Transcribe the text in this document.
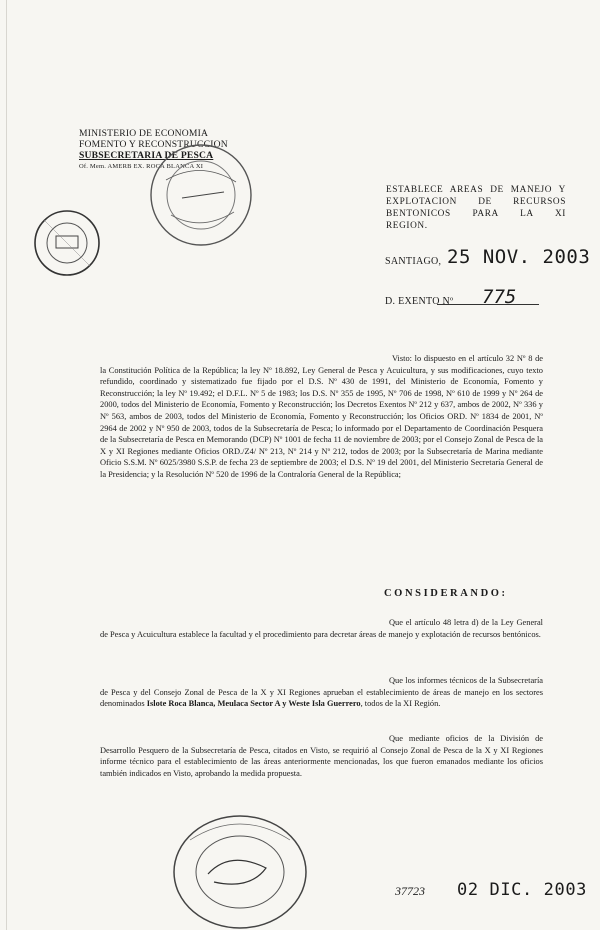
MINISTERIO DE ECONOMIA
FOMENTO Y RECONSTRUCCION
SUBSECRETARIA DE PESCA
Of. Mem. AMERB EX. ROCA BLANCA XI
ESTABLECE AREAS DE MANEJO Y
EXPLOTACION DE RECURSOS
BENTONICOS PARA LA XI
REGION.
SANTIAGO, 25 NOV. 2003
D. EXENTO Nº 775
Visto: lo dispuesto en el artículo 32 Nº 8 de la Constitución Política de la República; la ley Nº 18.892, Ley General de Pesca y Acuicultura, y sus modificaciones, cuyo texto refundido, coordinado y sistematizado fue fijado por el D.S. Nº 430 de 1991, del Ministerio de Economía, Fomento y Reconstrucción; la ley Nº 19.492; el D.F.L. Nº 5 de 1983; los D.S. Nº 355 de 1995, Nº 706 de 1998, Nº 610 de 1999 y Nº 264 de 2000, todos del Ministerio de Economía, Fomento y Reconstrucción; los Decretos Exentos Nº 212 y 637, ambos de 2002, Nº 336 y Nº 563, ambos de 2003, todos del Ministerio de Economía, Fomento y Reconstrucción; los Oficios ORD. Nº 1834 de 2001, Nº 2964 de 2002 y Nº 950 de 2003, todos de la Subsecretaría de Pesca; lo informado por el Departamento de Coordinación Pesquera de la Subsecretaría de Pesca en Memorando (DCP) Nº 1001 de fecha 11 de noviembre de 2003; por el Consejo Zonal de Pesca de la X y XI Regiones mediante Oficios ORD./Z4/ Nº 213, Nº 214 y Nº 212, todos de 2003; por la Subsecretaría de Marina mediante Oficio S.S.M. Nº 6025/3980 S.S.P. de fecha 23 de septiembre de 2003; el D.S. Nº 19 del 2001, del Ministerio Secretaría General de la Presidencia; y la Resolución Nº 520 de 1996 de la Contraloría General de la República;
CONSIDERANDO:
Que el artículo 48 letra d) de la Ley General de Pesca y Acuicultura establece la facultad y el procedimiento para decretar áreas de manejo y explotación de recursos bentónicos.
Que los informes técnicos de la Subsecretaría de Pesca y del Consejo Zonal de Pesca de la X y XI Regiones aprueban el establecimiento de áreas de manejo en los sectores denominados Islote Roca Blanca, Meulaca Sector A y Weste Isla Guerrero, todos de la XI Región.
Que mediante oficios de la División de Desarrollo Pesquero de la Subsecretaría de Pesca, citados en Visto, se requirió al Consejo Zonal de Pesca de la X y XI Regiones informe técnico para el establecimiento de las áreas anteriormente mencionadas, los que fueron emanados mediante los oficios también indicados en Visto, aprobando la medida propuesta.
37723 02 DIC. 2003
